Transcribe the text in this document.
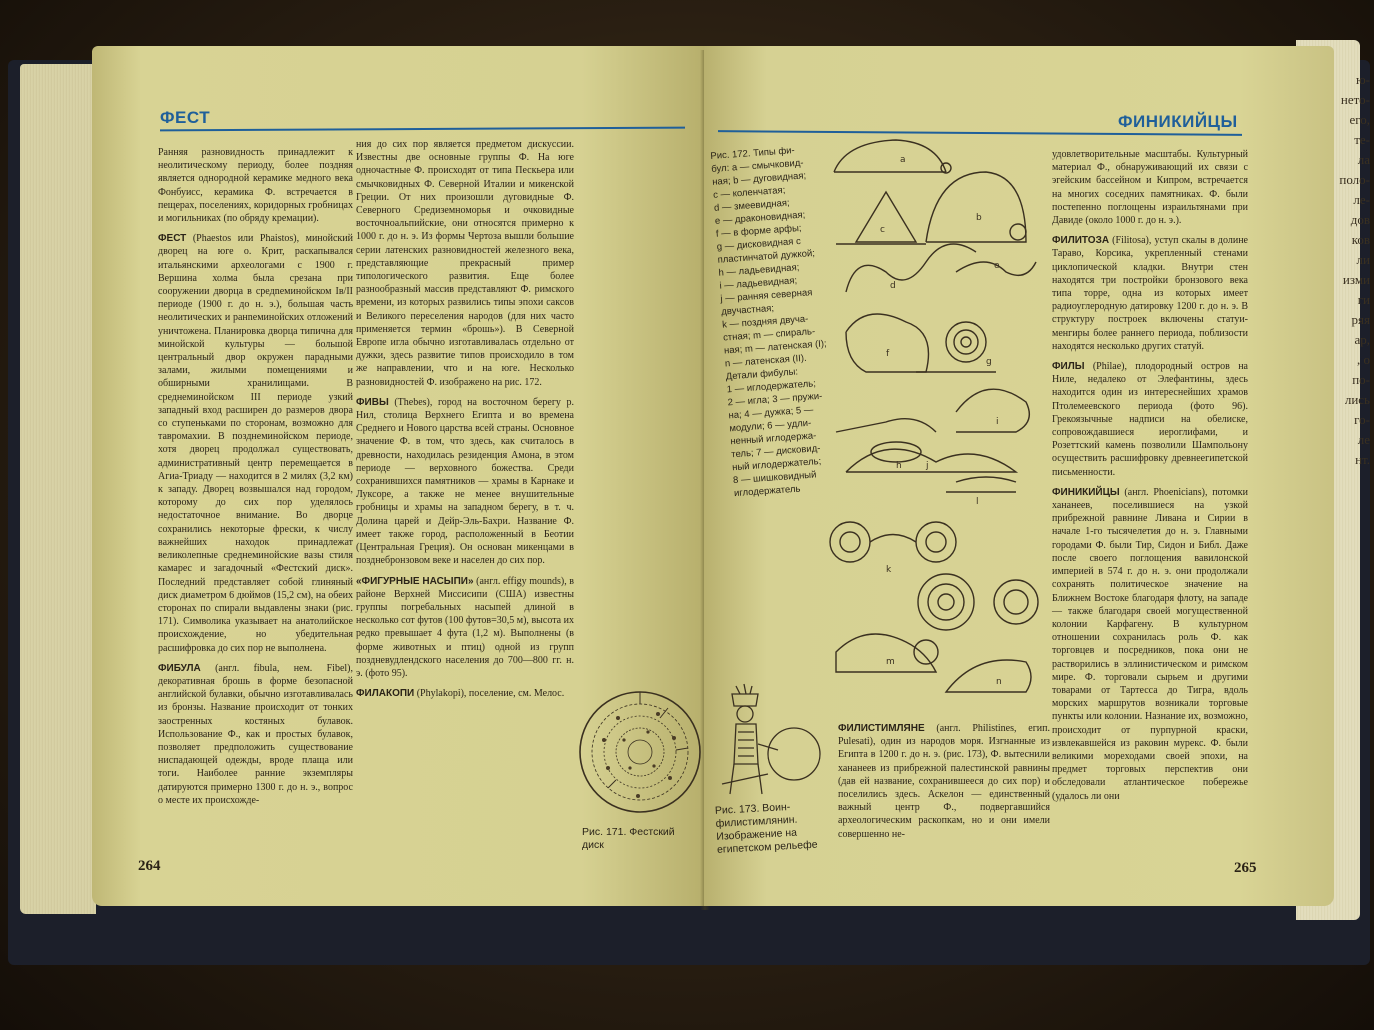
ю-
нето-
его,
те-
ла
поло-
ле-
дов
ков
ли
изми
ги
ряя
ар,
, о
по-
лись
го-
ле
нт.
ФЕСТ

Ранняя разновидность принадлежит к неолитическому периоду, более поздняя является однородной керамике медного века Фонбуисс, керамика Ф. встречается в пещерах, поселениях, коридорных гробницах и могильниках (по обряду кремации).

ФЕСТ (Phaestos или Phaistos), минойский дворец на юге о. Крит, раскапывался итальянскими археологами с 1900 г. Вершина холма была срезана при сооружении дворца в средneминойском Iв/II периоде (1900 г. до н. э.), большая часть неолитических и ранneминойских отложений уничтожена. Планировка дворца типична для минойской культуры — большой центральный двор окружен парадными залами, жилыми помещениями и обширными хранилищами. В среднеминойском III периоде узкий западный вход расширен до размеров двора со ступеньками по сторонам, возможно для тавромахии. В позднеминойском периоде, хотя дворец продолжал существовать, административный центр перемещается в Агиа-Триаду — находится в 2 милях (3,2 км) к западу. Дворец возвышался над городом, которому до сих пор уделялось недостаточное внимание. Во дворце сохранились некоторые фрески, к числу важнейших находок принадлежат великолепные среднеминойские вазы стиля камарес и загадочный «Фестский диск». Последний представляет собой глиняный диск диаметром 6 дюймов (15,2 см), на обеих сторонах по спирали выдавлены знаки (рис. 171). Символика указывает на анатолийское происхождение, но убедительная расшифровка до сих пор не выполнена.

ФИБУЛА (англ. fibula, нем. Fibel), декоративная брошь в форме безопасной английской булавки, обычно изготавливалась из бронзы. Название происходит от тонких заостренных костяных булавок. Использование Ф., как и простых булавок, позволяет предположить существование ниспадающей одежды, вроде плаща или тоги. Наиболее ранние экземпляры датируются примерно 1300 г. до н. э., вопрос о месте их происхожде-

ния до сих пор является предметом дискуссии. Известны две основные группы Ф. На юге одночастные Ф. происходят от типа Пескьера или смычковидных Ф. Северной Италии и микенской Греции. От них произошли дуговидные Ф. Северного Средиземноморья и очковидные восточноальпийские, они относятся примерно к 1000 г. до н. э. Из формы Чертоза вышли большие серии латенских разновидностей железного века, представляющие прекрасный пример типологического развития. Еще более разнообразный массив представляют Ф. римского времени, из которых развились типы эпохи саксов и Великого переселения народов (для них часто применяется термин «брошь»). В Северной Европе игла обычно изготавливалась отдельно от дужки, здесь развитие типов происходило в том же направлении, что и на юге. Несколько разновидностей Ф. изображено на рис. 172.

ФИВЫ (Thebes), город на восточном берегу р. Нил, столица Верхнего Египта и во времена Среднего и Нового царства всей страны. Основное значение Ф. в том, что здесь, как считалось в древности, находилась резиденция Амона, в этом периоде — верховного божества. Среди сохранившихся памятников — храмы в Карнаке и Луксоре, а также не менее внушительные гробницы и храмы на западном берегу, в т. ч. Долина царей и Дейр-Эль-Бахри. Название Ф. имеет также город, расположенный в Беотии (Центральная Греция). Он основан микенцами в позднебронзовом веке и населен до сих пор.

«ФИГУРНЫЕ НАСЫПИ» (англ. effigy mounds), в районе Верхней Миссисипи (США) известны группы погребальных насыпей длиной в несколько сот футов (100 футов=30,5 м), высота их редко превышает 4 фута (1,2 м). Выполнены (в форме животных и птиц) одной из групп поздневудлендского населения до 700—800 гг. н. э. (фото 95).

ФИЛАКОПИ (Phylakopi), поселение, см. Мелос.

Рис. 171. Фестский диск
264
ФИНИКИЙЦЫ
Рис. 172. Типы фи-
бул: а — смычковид-
ная; b — дуговидная;
c — коленчатая;
d — змеевидная;
e — драконовидная;
f — в форме арфы;
g — дисковидная с
пластинчатой дужкой;
h — ладьевидная;
i — ладьевидная;
j — ранняя северная
двучастная;
k — поздняя двуча-
стная; m — спираль-
ная; m — латенская (I);
n — латенская (II).
Детали фибулы:
1 — иглодержатель;
2 — игла; 3 — пружи-
на; 4 — дужка; 5 —
модули; 6 — удли-
ненный иглодержа-
тель; 7 — дисковид-
ный иглодержатель;
8 — шишковидный
иглодержатель
a
b
c
d
e
f
g
h
i
j
k
l
m
n
Рис. 173. Воин-филистимлянин. Изображение на египетском рельефе

ФИЛИСТИМЛЯНЕ (англ. Philistines, егип. Pulesati), один из народов моря. Изгнанные из Египта в 1200 г. до н. э. (рис. 173), Ф. вытеснили хананеев из прибрежной палестинской равнины (дав ей название, сохранившееся до сих пор) и поселились здесь. Аскелон — единственный важный центр Ф., подвергавшийся археологическим раскопкам, но и они имели совершенно не-

удовлетворительные масштабы. Культурный материал Ф., обнаруживающий их связи с эгейским бассейном и Кипром, встречается на многих соседних памятниках. Ф. были постепенно поглощены израильтянами при Давиде (около 1000 г. до н. э.).

ФИЛИТОЗА (Filitosa), уступ скалы в долине Тараво, Корсика, укрепленный стенами циклопической кладки. Внутри стен находятся три постройки бронзового века типа торре, одна из которых имеет радиоуглеродную датировку 1200 г. до н. э. В структуру построек включены статуи-менгиры более раннего периода, поблизости находятся несколько других статуй.

ФИЛЫ (Philae), плодородный остров на Ниле, недалеко от Элефантины, здесь находится один из интереснейших храмов Птолемеевского периода (фото 96). Грекоязычные надписи на обелиске, сопровождавшиеся иероглифами, и Розеттский камень позволили Шампольону осуществить расшифровку древнеегипетской письменности.

ФИНИКИЙЦЫ (англ. Phoenicians), потомки хананеев, поселившиеся на узкой прибрежной равнине Ливана и Сирии в начале 1-го тысячелетия до н. э. Главными городами Ф. были Тир, Сидон и Библ. Даже после своего поглощения вавилонской империей в 574 г. до н. э. они продолжали сохранять политическое значение на Ближнем Востоке благодаря флоту, на западе — также благодаря своей могущественной колонии Карфагену. В культурном отношении сохранилась роль Ф. как торговцев и посредников, пока они не растворились в эллинистическом и римском мире. Ф. торговали сырьем и другими товарами от Тартесса до Тигра, вдоль морских маршрутов возникали торговые пункты или колонии. Назнание их, возможно, происходит от пурпурной краски, извлекавшейся из раковин мурекс. Ф. были великими мореходами своей эпохи, на предмет торговых перспектив они обследовали атлантическое побережье (удалось ли они

265
